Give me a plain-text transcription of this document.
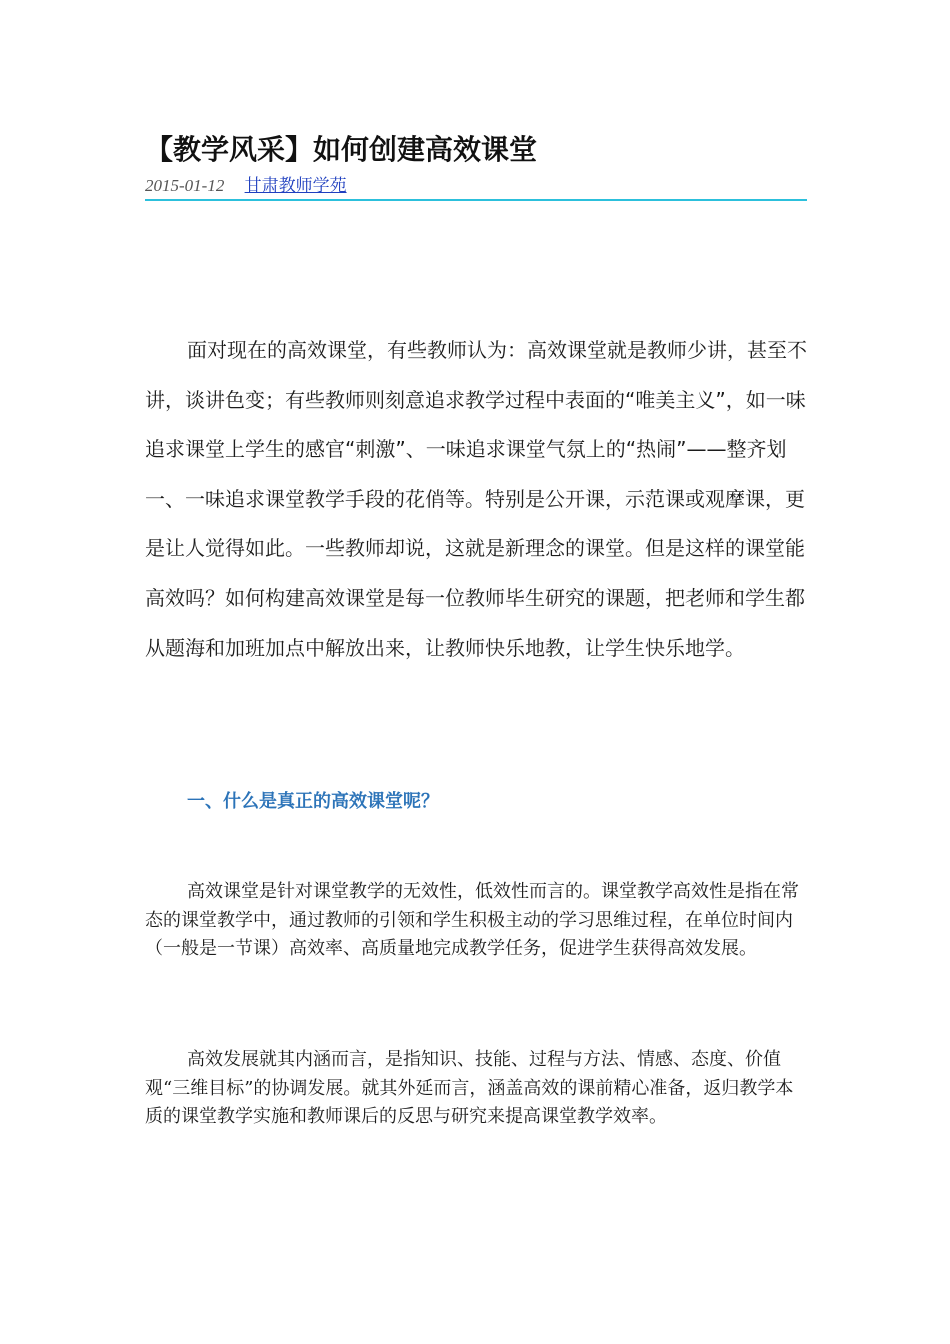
【教学风采】如何创建高效课堂
2015-01-12 甘肃教师学苑

面对现在的高效课堂，有些教师认为：高效课堂就是教师少讲，甚至不讲，谈讲色变；有些教师则刻意追求教学过程中表面的“唯美主义”，如一味追求课堂上学生的感官“刺激”、一味追求课堂气氛上的“热闹”——整齐划一、一味追求课堂教学手段的花俏等。特别是公开课，示范课或观摩课，更是让人觉得如此。一些教师却说，这就是新理念的课堂。但是这样的课堂能高效吗？如何构建高效课堂是每一位教师毕生研究的课题，把老师和学生都从题海和加班加点中解放出来，让教师快乐地教，让学生快乐地学。

一、什么是真正的高效课堂呢？

高效课堂是针对课堂教学的无效性，低效性而言的。课堂教学高效性是指在常态的课堂教学中，通过教师的引领和学生积极主动的学习思维过程，在单位时间内（一般是一节课）高效率、高质量地完成教学任务，促进学生获得高效发展。

高效发展就其内涵而言，是指知识、技能、过程与方法、情感、态度、价值观“三维目标”的协调发展。就其外延而言，涵盖高效的课前精心准备，返归教学本质的课堂教学实施和教师课后的反思与研究来提高课堂教学效率。
